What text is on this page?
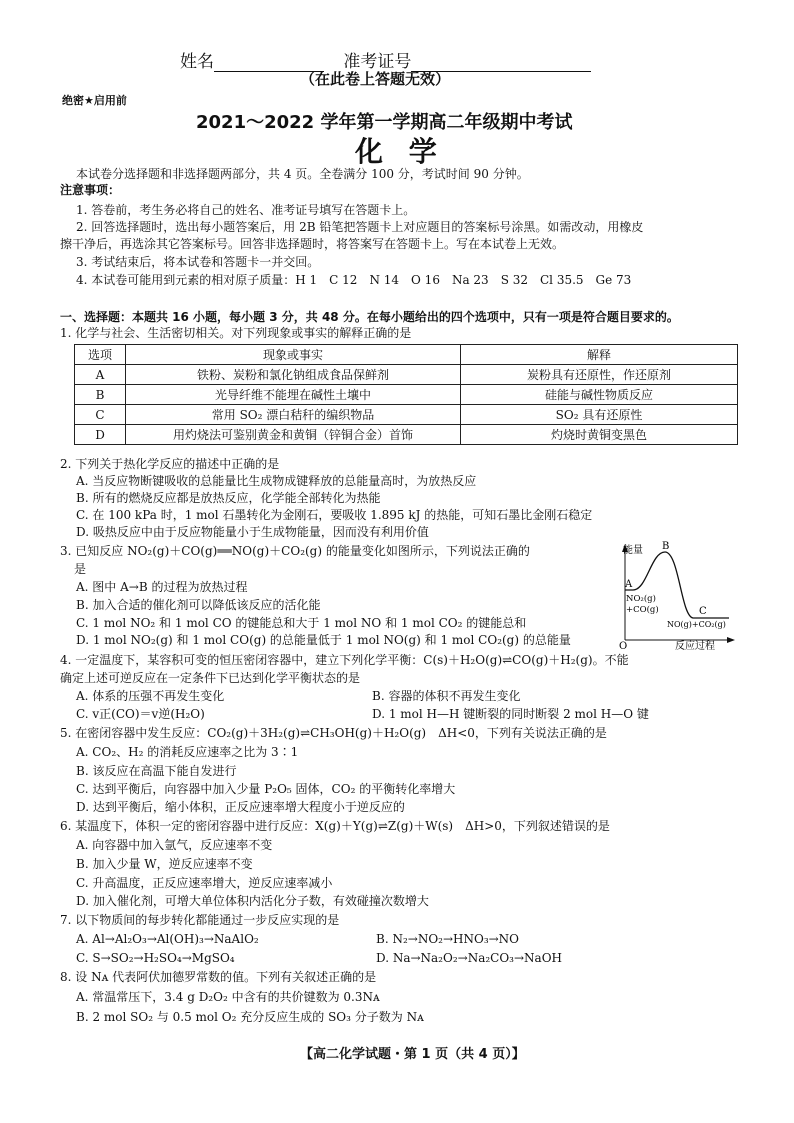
姓名	准考证号
（在此卷上答题无效）
绝密★启用前
2021～2022 学年第一学期高二年级期中考试
化 学
本试卷分选择题和非选择题两部分，共 4 页。全卷满分 100 分，考试时间 90 分钟。
注意事项：
1. 答卷前，考生务必将自己的姓名、准考证号填写在答题卡上。
2. 回答选择题时，选出每小题答案后，用 2B 铅笔把答题卡上对应题目的答案标号涂黑。如需改动，用橡皮
擦干净后，再选涂其它答案标号。回答非选择题时，将答案写在答题卡上。写在本试卷上无效。
3. 考试结束后，将本试卷和答题卡一并交回。
4. 本试卷可能用到元素的相对原子质量：H 1　C 12　N 14　O 16　Na 23　S 32　Cl 35.5　Ge 73
一、选择题：本题共 16 小题，每小题 3 分，共 48 分。在每小题给出的四个选项中，只有一项是符合题目要求的。
1. 化学与社会、生活密切相关。对下列现象或事实的解释正确的是
选项	现象或事实	解释
A	铁粉、炭粉和氯化钠组成食品保鲜剂	炭粉具有还原性，作还原剂
B	光导纤维不能埋在碱性土壤中	硅能与碱性物质反应
C	常用 SO₂ 漂白秸秆的编织物品	SO₂ 具有还原性
D	用灼烧法可鉴别黄金和黄铜（锌铜合金）首饰	灼烧时黄铜变黑色
2. 下列关于热化学反应的描述中正确的是
A. 当反应物断键吸收的总能量比生成物成键释放的总能量高时，为放热反应
B. 所有的燃烧反应都是放热反应，化学能全部转化为热能
C. 在 100 kPa 时，1 mol 石墨转化为金刚石，要吸收 1.895 kJ 的热能，可知石墨比金刚石稳定
D. 吸热反应中由于反应物能量小于生成物能量，因而没有利用价值
3. 已知反应 NO₂(g)＋CO(g)══NO(g)＋CO₂(g) 的能量变化如图所示，下列说法正确的
是
A. 图中 A→B 的过程为放热过程
B. 加入合适的催化剂可以降低该反应的活化能
C. 1 mol NO₂ 和 1 mol CO 的键能总和大于 1 mol NO 和 1 mol CO₂ 的键能总和
D. 1 mol NO₂(g) 和 1 mol CO(g) 的总能量低于 1 mol NO(g) 和 1 mol CO₂(g) 的总能量
能量 B
A
NO₂(g)
+CO(g)	C
NO(g)+CO₂(g)
O	反应过程
4. 一定温度下，某容积可变的恒压密闭容器中，建立下列化学平衡：C(s)＋H₂O(g)⇌CO(g)＋H₂(g)。不能
确定上述可逆反应在一定条件下已达到化学平衡状态的是
A. 体系的压强不再发生变化	B. 容器的体积不再发生变化
C. v正(CO)＝v逆(H₂O)	D. 1 mol H—H 键断裂的同时断裂 2 mol H—O 键
5. 在密闭容器中发生反应：CO₂(g)＋3H₂(g)⇌CH₃OH(g)＋H₂O(g)　ΔH<0，下列有关说法正确的是
A. CO₂、H₂ 的消耗反应速率之比为 3∶1
B. 该反应在高温下能自发进行
C. 达到平衡后，向容器中加入少量 P₂O₅ 固体，CO₂ 的平衡转化率增大
D. 达到平衡后，缩小体积，正反应速率增大程度小于逆反应的
6. 某温度下，体积一定的密闭容器中进行反应：X(g)＋Y(g)⇌Z(g)＋W(s)　ΔH>0，下列叙述错误的是
A. 向容器中加入氩气，反应速率不变
B. 加入少量 W，逆反应速率不变
C. 升高温度，正反应速率增大，逆反应速率减小
D. 加入催化剂，可增大单位体积内活化分子数，有效碰撞次数增大
7. 以下物质间的每步转化都能通过一步反应实现的是
A. Al→Al₂O₃→Al(OH)₃→NaAlO₂	B. N₂→NO₂→HNO₃→NO
C. S→SO₂→H₂SO₄→MgSO₄	D. Na→Na₂O₂→Na₂CO₃→NaOH
8. 设 Nᴀ 代表阿伏加德罗常数的值。下列有关叙述正确的是
A. 常温常压下，3.4 g D₂O₂ 中含有的共价键数为 0.3Nᴀ
B. 2 mol SO₂ 与 0.5 mol O₂ 充分反应生成的 SO₃ 分子数为 Nᴀ
【高二化学试题・第 1 页（共 4 页）】
